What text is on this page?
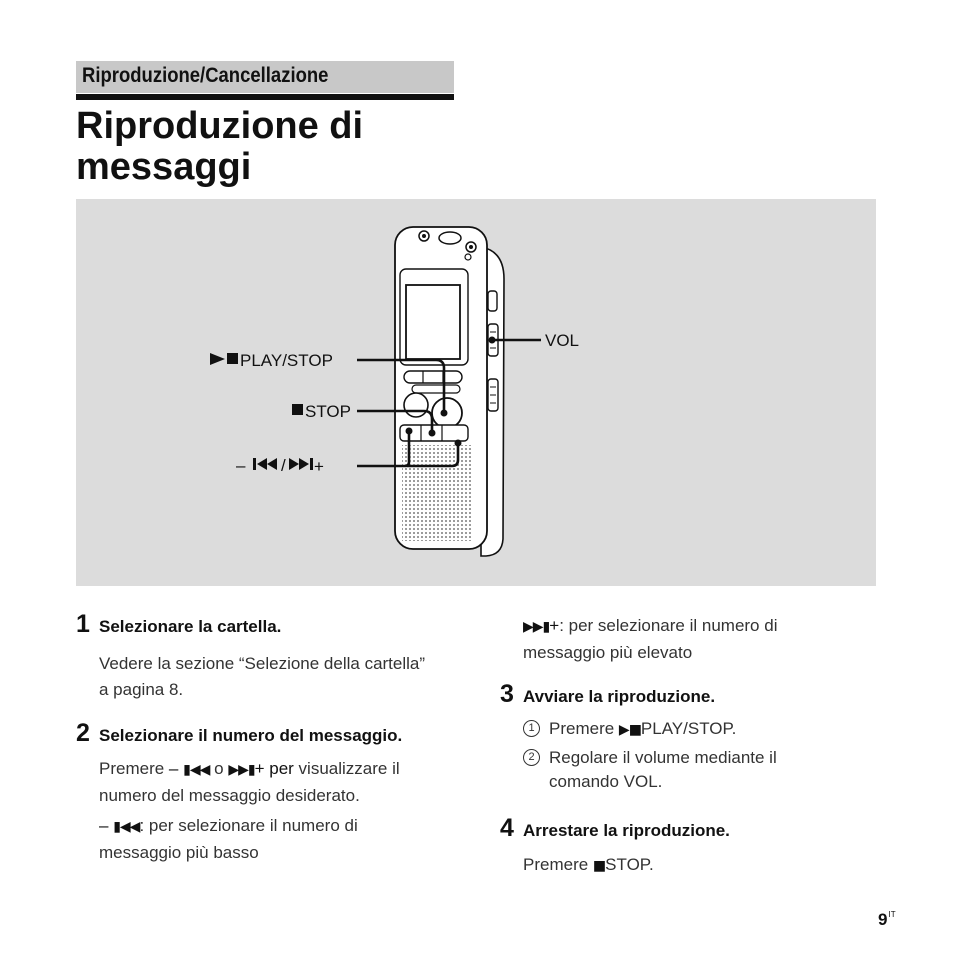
Riproduzione/Cancellazione
Riproduzione di
messaggi
PLAY/STOP
STOP
– / +
VOL
1 Selezionare la cartella.
Vedere la sezione “Selezione della cartella” a pagina 8.
2 Selezionare il numero del messaggio.
Premere – ▮◀◀ o ▶▶▮+ per visualizzare il numero del messaggio desiderato.
– ▮◀◀: per selezionare il numero di messaggio più basso
▶▶▮+: per selezionare il numero di messaggio più elevato
3 Avviare la riproduzione.
1 Premere ▶■PLAY/STOP.
2 Regolare il volume mediante il comando VOL.
4 Arrestare la riproduzione.
Premere ■STOP.
$9^{IT}$
